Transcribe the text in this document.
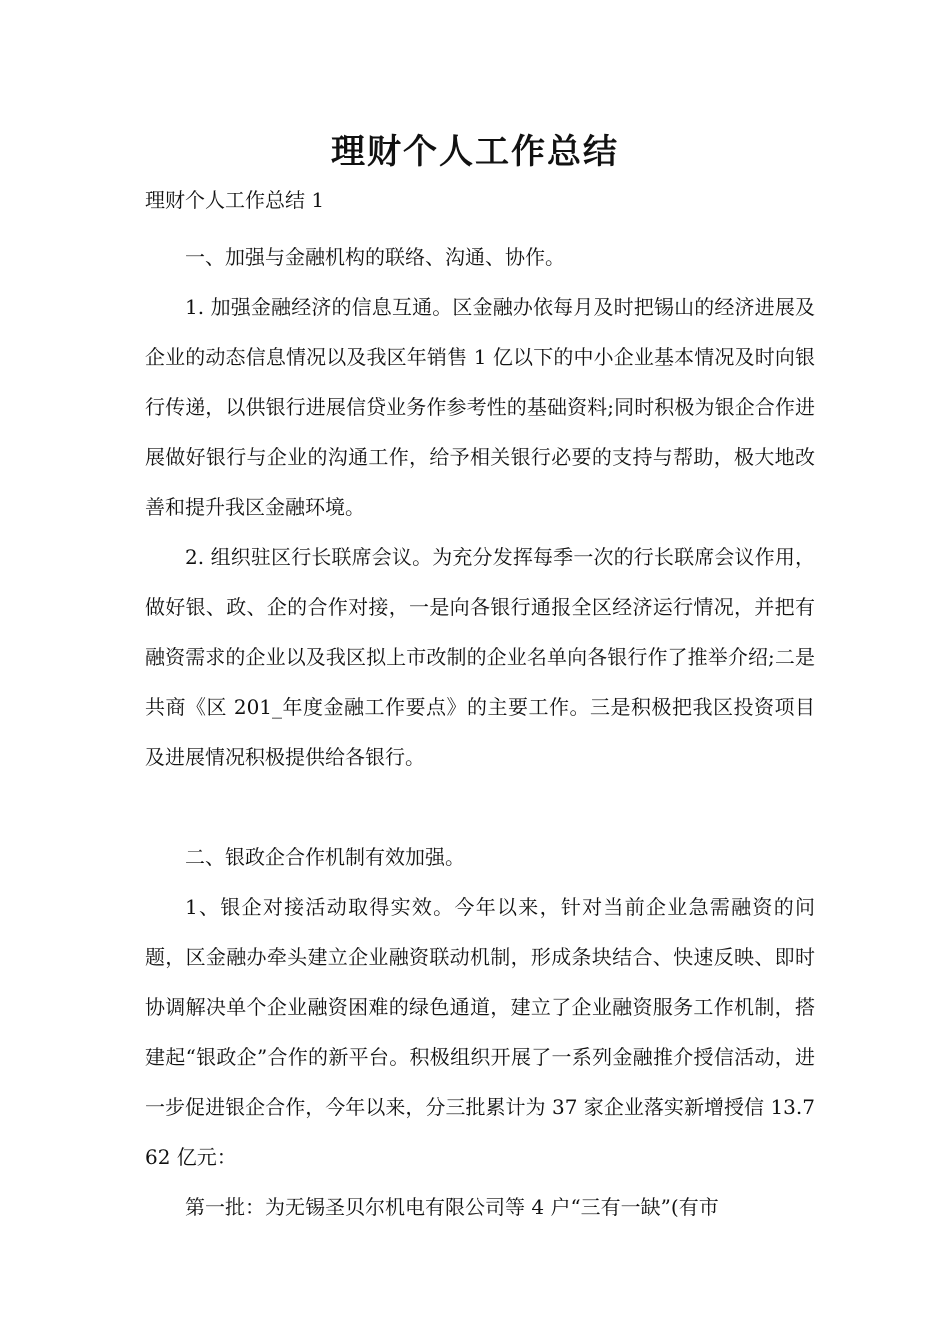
理财个人工作总结
理财个人工作总结 1

一、加强与金融机构的联络、沟通、协作。

1. 加强金融经济的信息互通。区金融办依每月及时把锡山的经济进展及企业的动态信息情况以及我区年销售 1 亿以下的中小企业基本情况及时向银行传递，以供银行进展信贷业务作参考性的基础资料;同时积极为银企合作进展做好银行与企业的沟通工作，给予相关银行必要的支持与帮助，极大地改善和提升我区金融环境。

2. 组织驻区行长联席会议。为充分发挥每季一次的行长联席会议作用，做好银、政、企的合作对接，一是向各银行通报全区经济运行情况，并把有融资需求的企业以及我区拟上市改制的企业名单向各银行作了推举介绍;二是共商《区 201_年度金融工作要点》的主要工作。三是积极把我区投资项目及进展情况积极提供给各银行。

二、银政企合作机制有效加强。

1、银企对接活动取得实效。今年以来，针对当前企业急需融资的问题，区金融办牵头建立企业融资联动机制，形成条块结合、快速反映、即时协调解决单个企业融资困难的绿色通道，建立了企业融资服务工作机制，搭建起“银政企”合作的新平台。积极组织开展了一系列金融推介授信活动，进一步促进银企合作，今年以来，分三批累计为 37 家企业落实新增授信 13.762 亿元：

第一批：为无锡圣贝尔机电有限公司等 4 户“三有一缺”(有市
